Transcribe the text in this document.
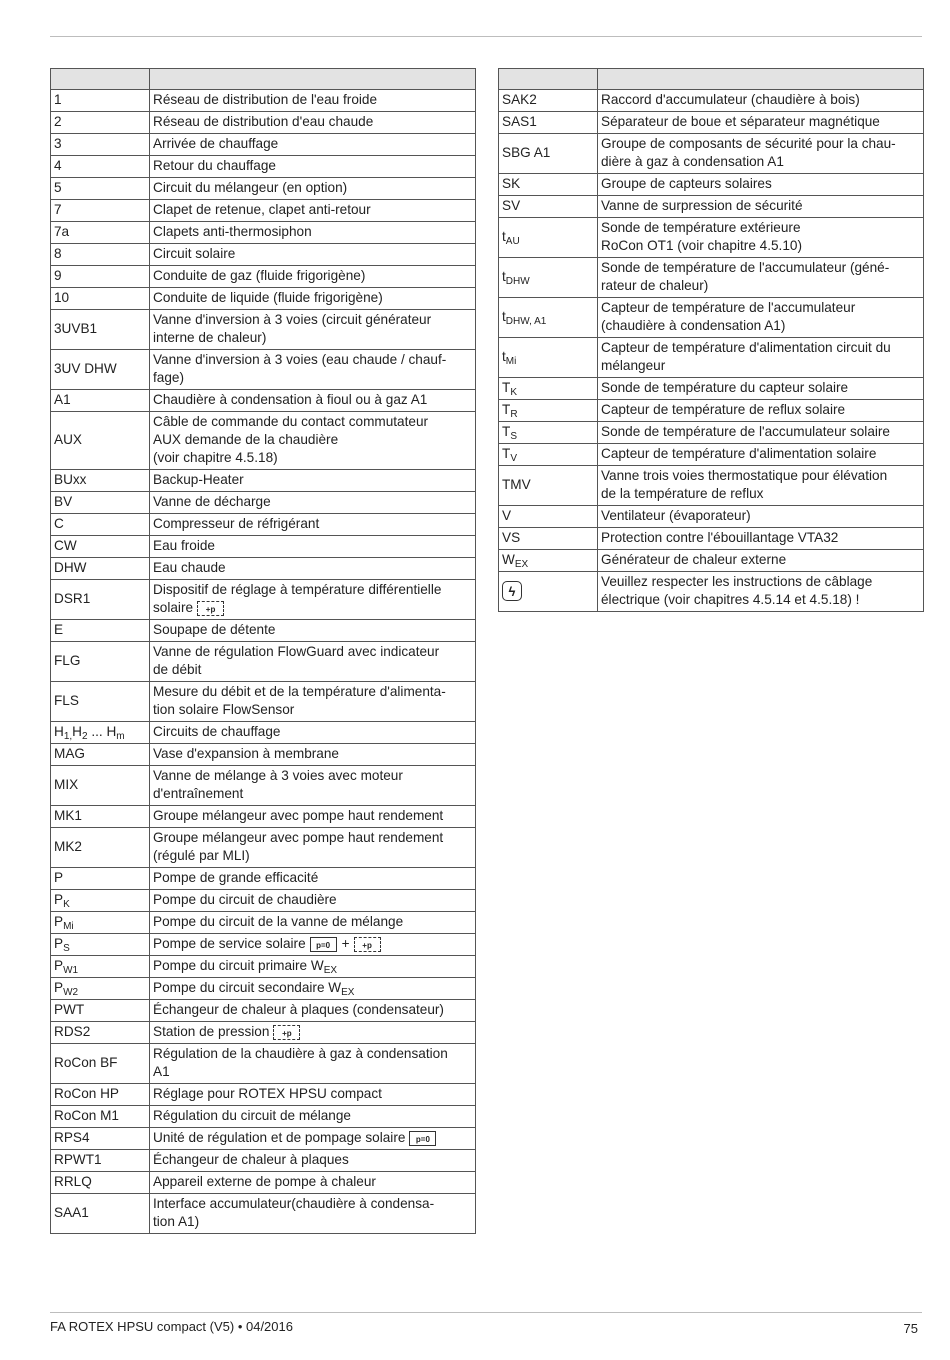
1	Réseau de distribution de l'eau froide
2	Réseau de distribution d'eau chaude
3	Arrivée de chauffage
4	Retour du chauffage
5	Circuit du mélangeur (en option)
7	Clapet de retenue, clapet anti-retour
7a	Clapets anti-thermosiphon
8	Circuit solaire
9	Conduite de gaz (fluide frigorigène)
10	Conduite de liquide (fluide frigorigène)
3UVB1	Vanne d'inversion à 3 voies (circuit générateur
interne de chaleur)
3UV DHW	Vanne d'inversion à 3 voies (eau chaude / chauf-
fage)
A1	Chaudière à condensation à fioul ou à gaz A1
AUX	Câble de commande du contact commutateur
AUX demande de la chaudière
(voir chapitre 4.5.18)
BUxx	Backup-Heater
BV	Vanne de décharge
C	Compresseur de réfrigérant
CW	Eau froide
DHW	Eau chaude
DSR1	Dispositif de réglage à température différentielle
solaire +p
E	Soupape de détente
FLG	Vanne de régulation FlowGuard avec indicateur
de débit
FLS	Mesure du débit et de la température d'alimenta-
tion solaire FlowSensor
$H_{1,}H_2$ ... $H_m$	Circuits de chauffage
MAG	Vase d'expansion à membrane
MIX	Vanne de mélange à 3 voies avec moteur
d'entraînement
MK1	Groupe mélangeur avec pompe haut rendement
MK2	Groupe mélangeur avec pompe haut rendement
(régulé par MLI)
P	Pompe de grande efficacité
$P_K$	Pompe du circuit de chaudière
$P_{Mi}$	Pompe du circuit de la vanne de mélange
$P_S$	Pompe de service solaire p=0 + +p
$P_{W1}$	Pompe du circuit primaire $W_{EX}$
$P_{W2}$	Pompe du circuit secondaire $W_{EX}$
PWT	Échangeur de chaleur à plaques (condensateur)
RDS2	Station de pression +p
RoCon BF	Régulation de la chaudière à gaz à condensation
A1
RoCon HP	Réglage pour ROTEX HPSU compact
RoCon M1	Régulation du circuit de mélange
RPS4	Unité de régulation et de pompage solaire p=0
RPWT1	Échangeur de chaleur à plaques
RRLQ	Appareil externe de pompe à chaleur
SAA1	Interface accumulateur(chaudière à condensa-
tion A1)

SAK2	Raccord d'accumulateur (chaudière à bois)
SAS1	Séparateur de boue et séparateur magnétique
SBG A1	Groupe de composants de sécurité pour la chau-
dière à gaz à condensation A1
SK	Groupe de capteurs solaires
SV	Vanne de surpression de sécurité
$t_{AU}$	Sonde de température extérieure
RoCon OT1 (voir chapitre 4.5.10)
$t_{DHW}$	Sonde de température de l'accumulateur (géné-
rateur de chaleur)
$t_{DHW, A1}$	Capteur de température de l'accumulateur
(chaudière à condensation A1)
$t_{Mi}$	Capteur de température d'alimentation circuit du
mélangeur
$T_K$	Sonde de température du capteur solaire
$T_R$	Capteur de température de reflux solaire
$T_S$	Sonde de température de l'accumulateur solaire
$T_V$	Capteur de température d'alimentation solaire
TMV	Vanne trois voies thermostatique pour élévation
de la température de reflux
V	Ventilateur (évaporateur)
VS	Protection contre l'ébouillantage VTA32
$W_{EX}$	Générateur de chaleur externe
ϟ	Veuillez respecter les instructions de câblage
électrique (voir chapitres 4.5.14 et 4.5.18) !
FA ROTEX HPSU compact (V5) • 04/2016	75
